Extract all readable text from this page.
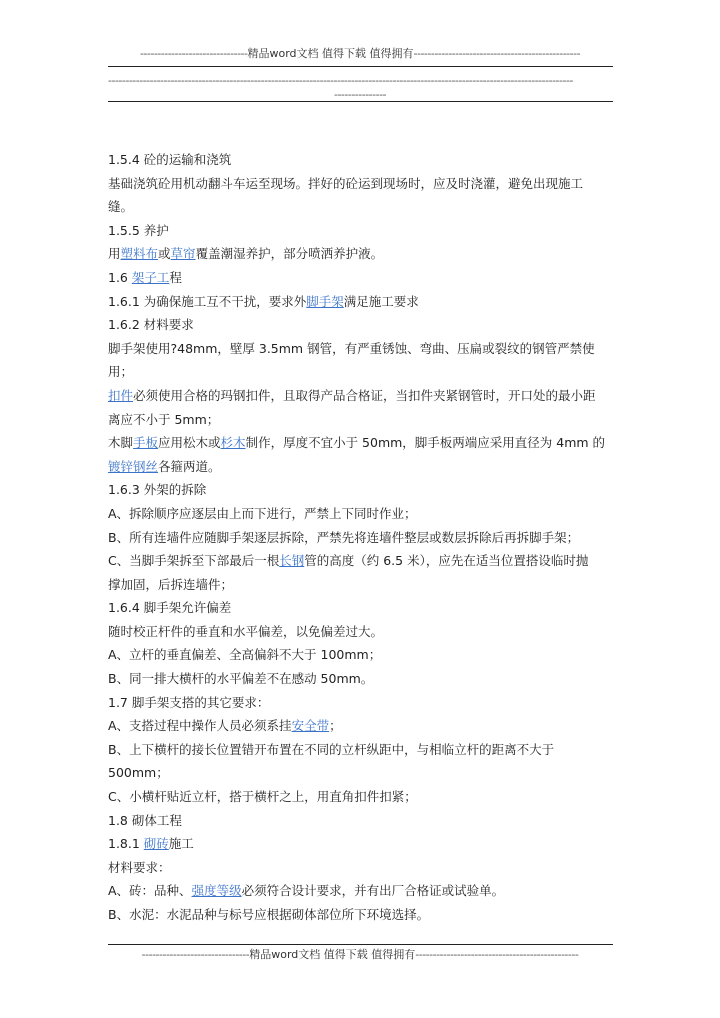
-------------------------------精品word文档 值得下载 值得拥有------------------------------------------------
--------------------------------------------------------------------------------------------------------------------------------------
---------------
1.5.4 砼的运输和浇筑
基础浇筑砼用机动翻斗车运至现场。拌好的砼运到现场时，应及时浇灌，避免出现施工
缝。
1.5.5 养护
用塑料布或草帘覆盖潮湿养护，部分喷洒养护液。
1.6 架子工程
1.6.1 为确保施工互不干扰，要求外脚手架满足施工要求
1.6.2 材料要求
脚手架使用?48mm，壁厚 3.5mm 钢管，有严重锈蚀、弯曲、压扁或裂纹的钢管严禁使
用；
扣件必须使用合格的玛钢扣件，且取得产品合格证，当扣件夹紧钢管时，开口处的最小距
离应不小于 5mm；
木脚手板应用松木或杉木制作，厚度不宜小于 50mm，脚手板两端应采用直径为 4mm 的
镀锌钢丝各箍两道。
1.6.3 外架的拆除
A、拆除顺序应逐层由上而下进行，严禁上下同时作业；
B、所有连墙件应随脚手架逐层拆除，严禁先将连墙件整层或数层拆除后再拆脚手架；
C、当脚手架拆至下部最后一根长钢管的高度（约 6.5 米），应先在适当位置搭设临时抛
撑加固，后拆连墙件；
1.6.4 脚手架允许偏差
随时校正杆件的垂直和水平偏差，以免偏差过大。
A、立杆的垂直偏差、全高偏斜不大于 100mm；
B、同一排大横杆的水平偏差不在感动 50mm。
1.7 脚手架支搭的其它要求：
A、支搭过程中操作人员必须系挂安全带；
B、上下横杆的接长位置错开布置在不同的立杆纵距中，与相临立杆的距离不大于
500mm；
C、小横杆贴近立杆，搭于横杆之上，用直角扣件扣紧；
1.8 砌体工程
1.8.1 砌砖施工
材料要求：
A、砖：品种、强度等级必须符合设计要求，并有出厂合格证或试验单。
B、水泥：水泥品种与标号应根据砌体部位所下环境选择。
-------------------------------精品word文档 值得下载 值得拥有-----------------------------------------------
